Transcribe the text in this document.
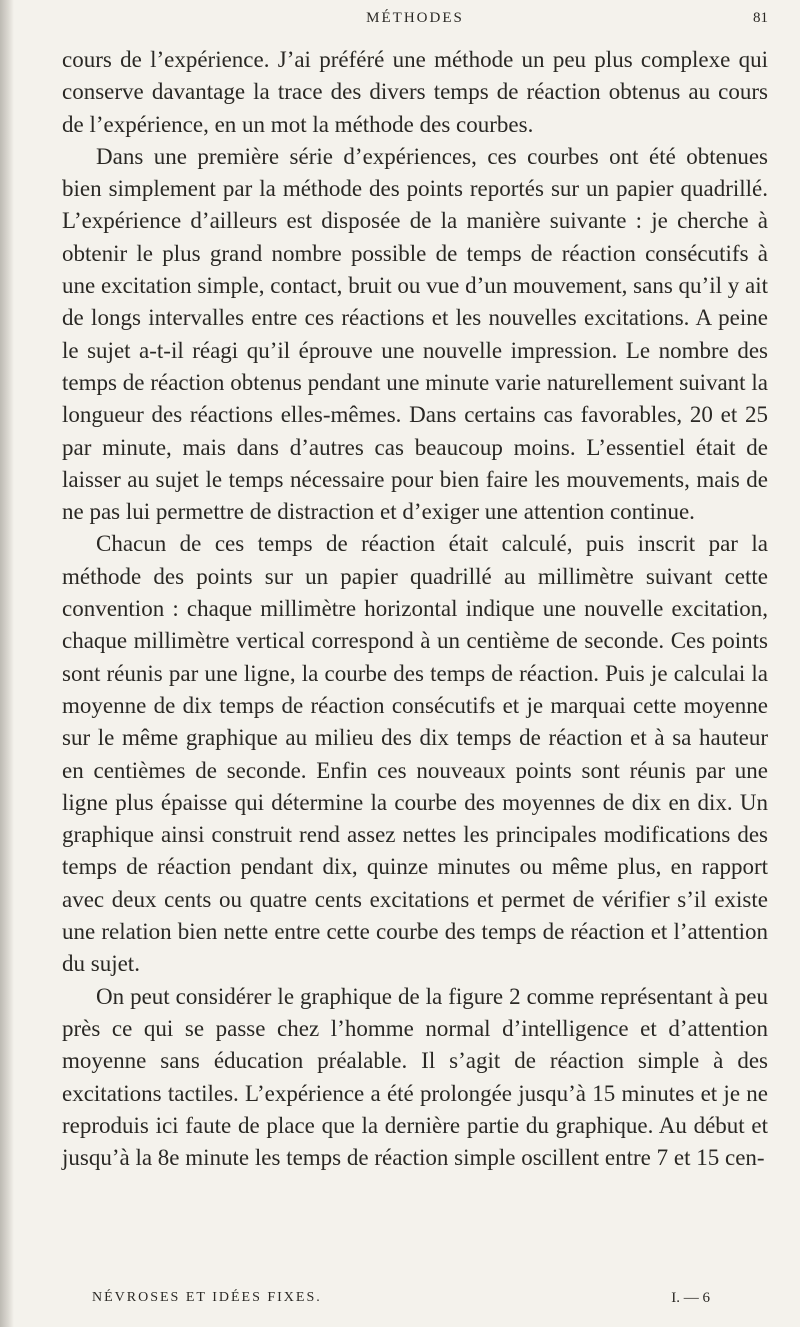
MÉTHODES	81

cours de l’expérience. J’ai préféré une méthode un peu plus complexe qui conserve davantage la trace des divers temps de réaction obtenus au cours de l’expérience, en un mot la méthode des courbes.

Dans une première série d’expériences, ces courbes ont été obtenues bien simplement par la méthode des points reportés sur un papier quadrillé. L’expérience d’ailleurs est disposée de la manière suivante : je cherche à obtenir le plus grand nombre possible de temps de réaction consécutifs à une excitation simple, contact, bruit ou vue d’un mouvement, sans qu’il y ait de longs intervalles entre ces réactions et les nouvelles excitations. A peine le sujet a-t-il réagi qu’il éprouve une nouvelle impression. Le nombre des temps de réaction obtenus pendant une minute varie naturellement suivant la longueur des réactions elles-mêmes. Dans certains cas favorables, 20 et 25 par minute, mais dans d’autres cas beaucoup moins. L’essentiel était de laisser au sujet le temps nécessaire pour bien faire les mouvements, mais de ne pas lui permettre de distraction et d’exiger une attention continue.

Chacun de ces temps de réaction était calculé, puis inscrit par la méthode des points sur un papier quadrillé au millimètre suivant cette convention : chaque millimètre horizontal indique une nouvelle excitation, chaque millimètre vertical correspond à un centième de seconde. Ces points sont réunis par une ligne, la courbe des temps de réaction. Puis je calculai la moyenne de dix temps de réaction consécutifs et je marquai cette moyenne sur le même graphique au milieu des dix temps de réaction et à sa hauteur en centièmes de seconde. Enfin ces nouveaux points sont réunis par une ligne plus épaisse qui détermine la courbe des moyennes de dix en dix. Un graphique ainsi construit rend assez nettes les principales modifications des temps de réaction pendant dix, quinze minutes ou même plus, en rapport avec deux cents ou quatre cents excitations et permet de vérifier s’il existe une relation bien nette entre cette courbe des temps de réaction et l’attention du sujet.

On peut considérer le graphique de la figure 2 comme représentant à peu près ce qui se passe chez l’homme normal d’intelligence et d’attention moyenne sans éducation préalable. Il s’agit de réaction simple à des excitations tactiles. L’expérience a été prolongée jusqu’à 15 minutes et je ne reproduis ici faute de place que la dernière partie du graphique. Au début et jusqu’à la 8e minute les temps de réaction simple oscillent entre 7 et 15 cen-

NÉVROSES ET IDÉES FIXES.	I. — 6
